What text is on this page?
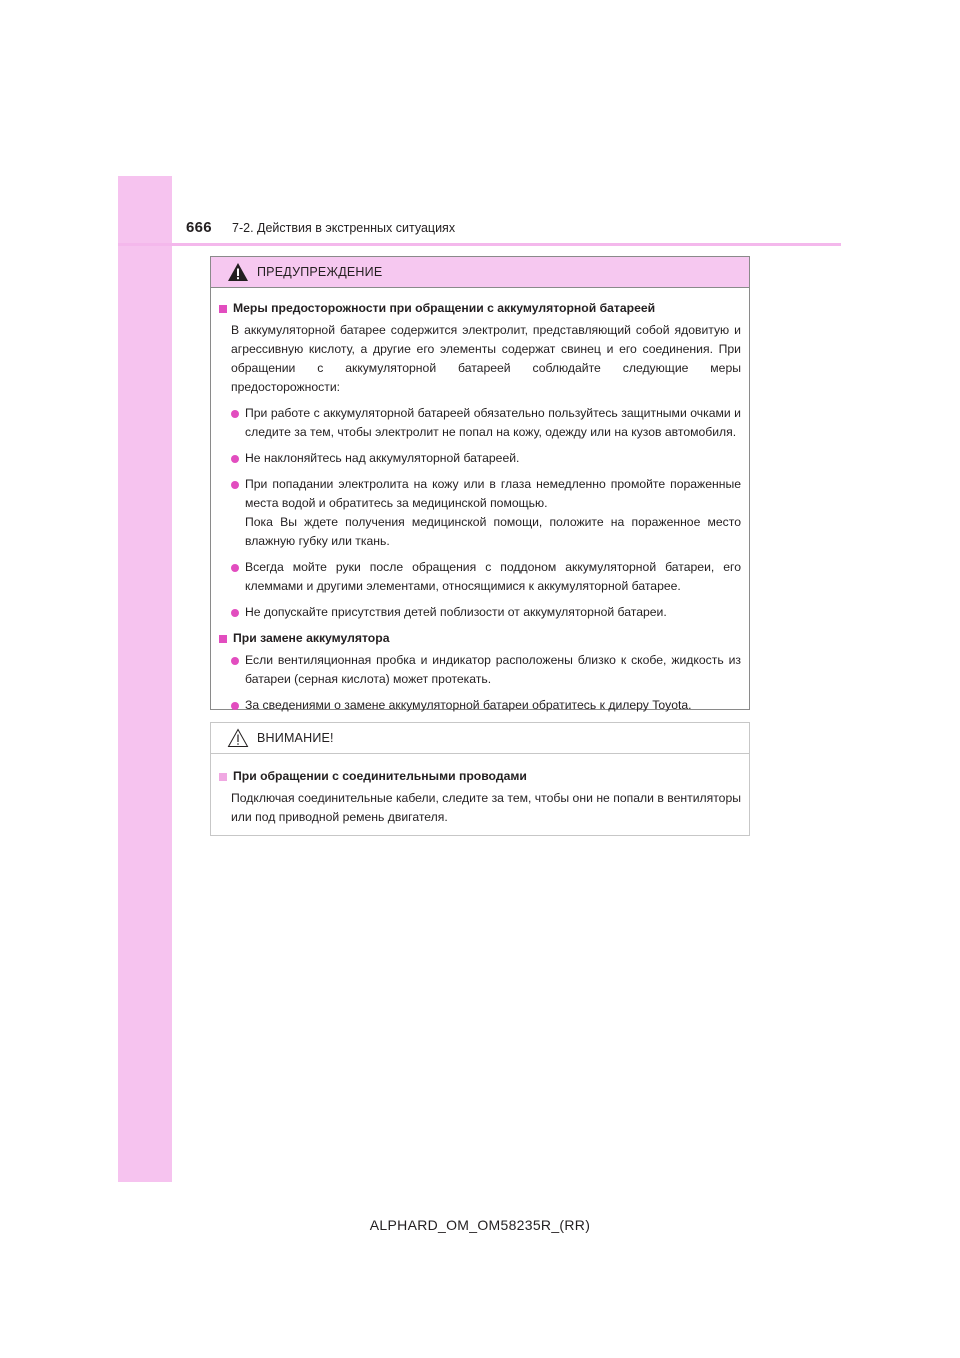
666 7-2. Действия в экстренных ситуациях
ПРЕДУПРЕЖДЕНИЕ
Меры предосторожности при обращении с аккумуляторной батареей
В аккумуляторной батарее содержится электролит, представляющий собой ядовитую и агрессивную кислоту, а другие его элементы содержат свинец и его соединения. При обращении с аккумуляторной батареей соблюдайте следующие меры предосторожности:
При работе с аккумуляторной батареей обязательно пользуйтесь защитными очками и следите за тем, чтобы электролит не попал на кожу, одежду или на кузов автомобиля.
Не наклоняйтесь над аккумуляторной батареей.
При попадании электролита на кожу или в глаза немедленно промойте пораженные места водой и обратитесь за медицинской помощью.
Пока Вы ждете получения медицинской помощи, положите на пораженное место влажную губку или ткань.
Всегда мойте руки после обращения с поддоном аккумуляторной батареи, его клеммами и другими элементами, относящимися к аккумуляторной батарее.
Не допускайте присутствия детей поблизости от аккумуляторной батареи.
При замене аккумулятора
Если вентиляционная пробка и индикатор расположены близко к скобе, жидкость из батареи (серная кислота) может протекать.
За сведениями о замене аккумуляторной батареи обратитесь к дилеру Toyota.
ВНИМАНИЕ!
При обращении с соединительными проводами
Подключая соединительные кабели, следите за тем, чтобы они не попали в вентиляторы или под приводной ремень двигателя.
ALPHARD_OM_OM58235R_(RR)
